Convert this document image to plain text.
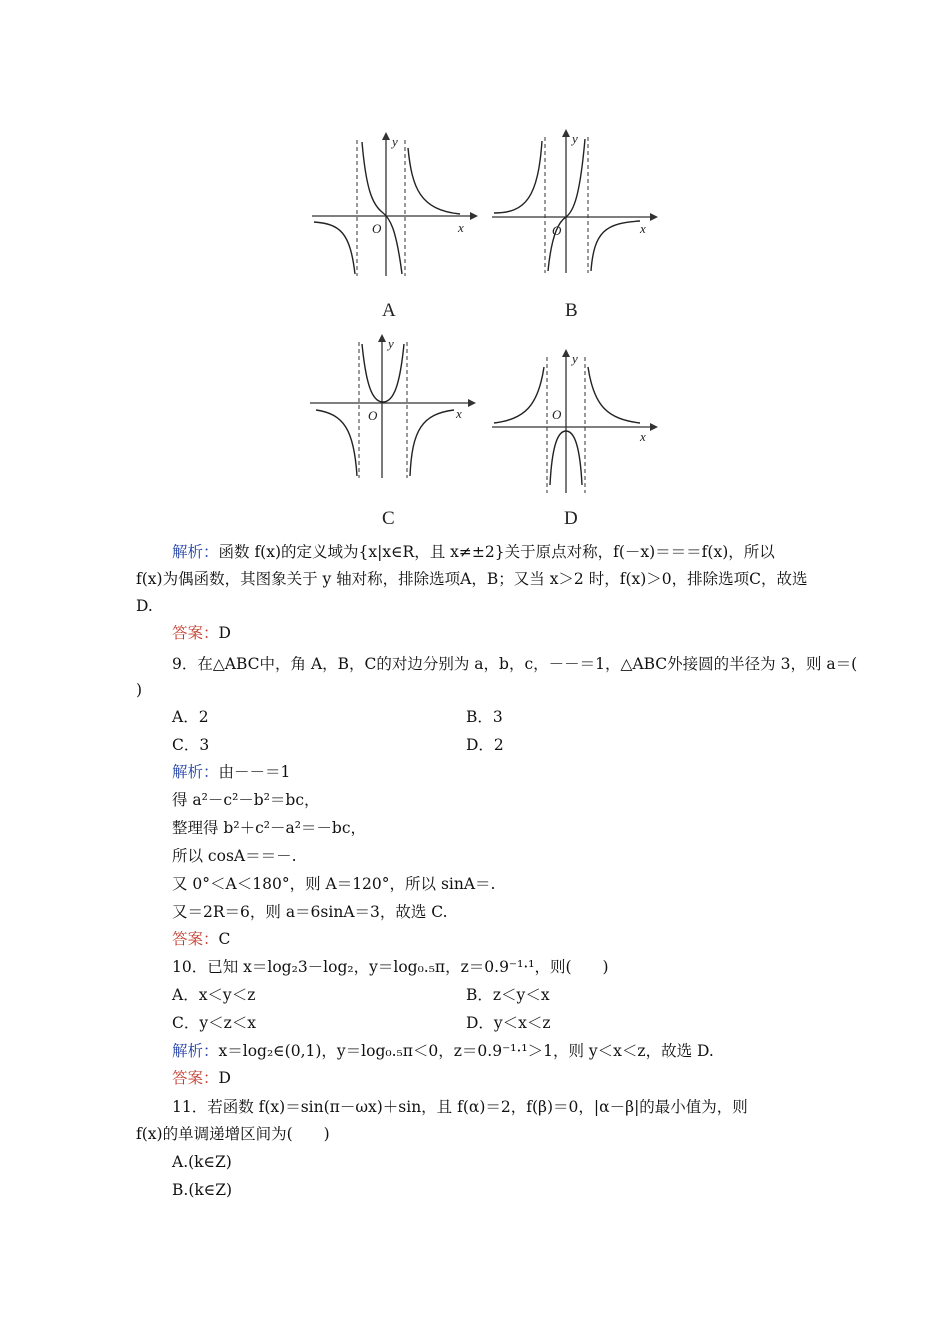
y
x
O
A
y
x
O
B
y
x
O
C
y
x
O
D
解析：函数 f(x)的定义域为{x|x∈R，且 x≠±2}关于原点对称，f(－x)＝＝＝f(x)，所以
f(x)为偶函数，其图象关于 y 轴对称，排除选项A，B；又当 x＞2 时，f(x)＞0，排除选项C，故选
D.
答案：D
9．在△ABC中，角 A，B，C的对边分别为 a，b，c，－－＝1，△ABC外接圆的半径为 3，则 a＝(
)
A．2	B．3
C．3	D．2
解析：由－－＝1
得 a²－c²－b²＝bc，
整理得 b²＋c²－a²＝－bc，
所以 cosA＝＝－.
又 0°＜A＜180°，则 A＝120°，所以 sinA＝.
又＝2R＝6，则 a＝6sinA＝3，故选 C.
答案：C
10．已知 x＝log₂3－log₂，y＝log₀.₅π，z＝0.9⁻¹·¹，则(　　)
A．x＜y＜z	B．z＜y＜x
C．y＜z＜x	D．y＜x＜z
解析：x＝log₂∈(0,1)，y＝log₀.₅π＜0，z＝0.9⁻¹·¹＞1，则 y＜x＜z，故选 D.
答案：D
11．若函数 f(x)＝sin(π－ωx)＋sin，且 f(α)＝2，f(β)＝0，|α－β|的最小值为，则
f(x)的单调递增区间为(　　)
A.(k∈Z)
B.(k∈Z)
